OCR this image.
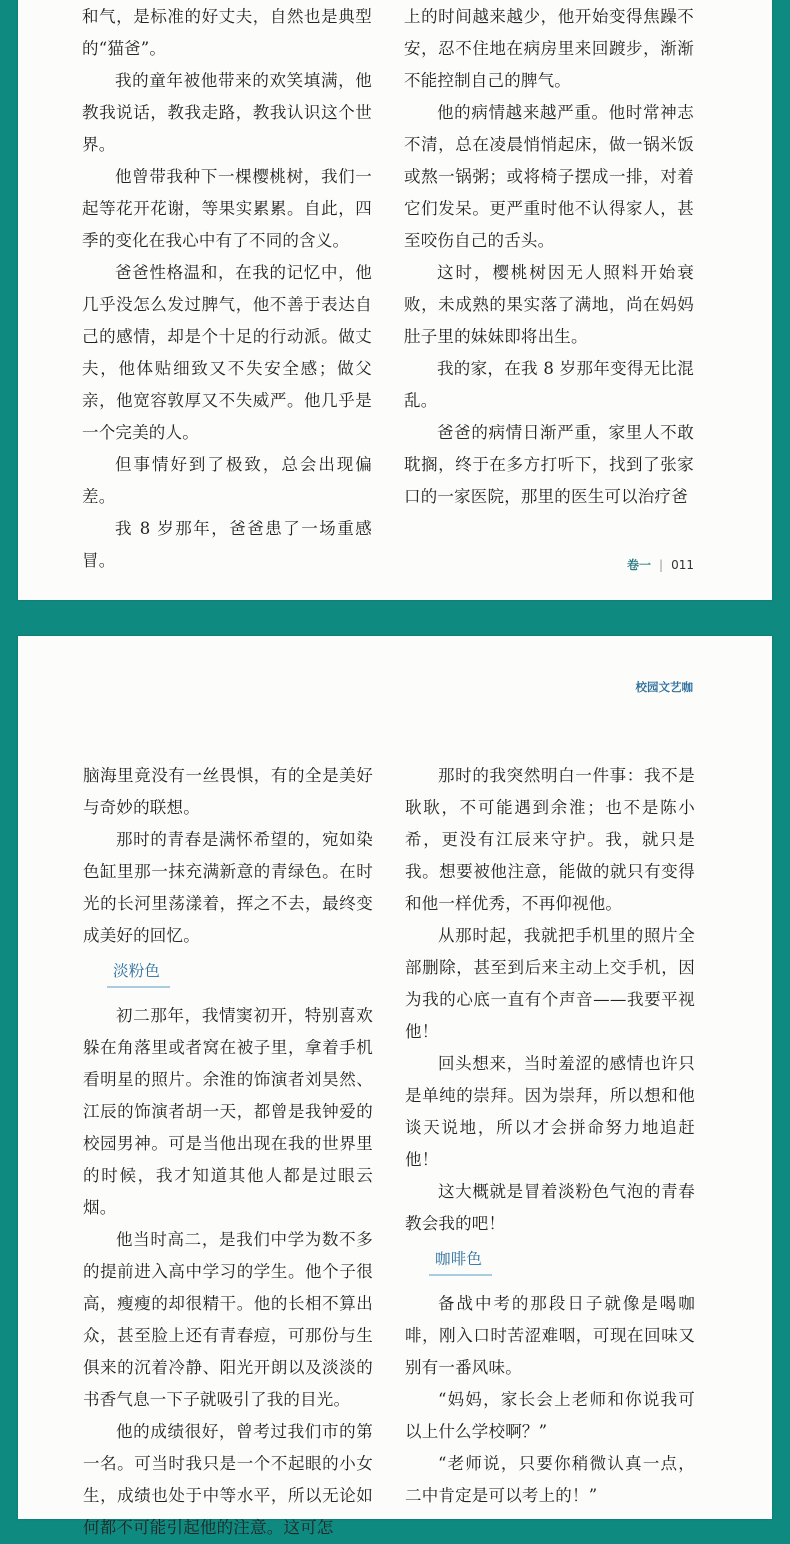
和气，是标准的好丈夫，自然也是典型的“猫爸”。

我的童年被他带来的欢笑填满，他教我说话，教我走路，教我认识这个世界。

他曾带我种下一棵樱桃树，我们一起等花开花谢，等果实累累。自此，四季的变化在我心中有了不同的含义。

爸爸性格温和，在我的记忆中，他几乎没怎么发过脾气，他不善于表达自己的感情，却是个十足的行动派。做丈夫，他体贴细致又不失安全感；做父亲，他宽容敦厚又不失威严。他几乎是一个完美的人。

但事情好到了极致，总会出现偏差。

我 8 岁那年，爸爸患了一场重感冒。

上的时间越来越少，他开始变得焦躁不安，忍不住地在病房里来回踱步，渐渐不能控制自己的脾气。

他的病情越来越严重。他时常神志不清，总在凌晨悄悄起床，做一锅米饭或熬一锅粥；或将椅子摆成一排，对着它们发呆。更严重时他不认得家人，甚至咬伤自己的舌头。

这时，樱桃树因无人照料开始衰败，未成熟的果实落了满地，尚在妈妈肚子里的妹妹即将出生。

我的家，在我 8 岁那年变得无比混乱。

爸爸的病情日渐严重，家里人不敢耽搁，终于在多方打听下，找到了张家口的一家医院，那里的医生可以治疗爸

卷一 | 011
校园文艺咖

脑海里竟没有一丝畏惧，有的全是美好与奇妙的联想。

那时的青春是满怀希望的，宛如染色缸里那一抹充满新意的青绿色。在时光的长河里荡漾着，挥之不去，最终变成美好的回忆。

淡粉色

初二那年，我情窦初开，特别喜欢躲在角落里或者窝在被子里，拿着手机看明星的照片。余淮的饰演者刘昊然、江辰的饰演者胡一天，都曾是我钟爱的校园男神。可是当他出现在我的世界里的时候，我才知道其他人都是过眼云烟。

他当时高二，是我们中学为数不多的提前进入高中学习的学生。他个子很高，瘦瘦的却很精干。他的长相不算出众，甚至脸上还有青春痘，可那份与生俱来的沉着冷静、阳光开朗以及淡淡的书香气息一下子就吸引了我的目光。

他的成绩很好，曾考过我们市的第一名。可当时我只是一个不起眼的小女生，成绩也处于中等水平，所以无论如何都不可能引起他的注意。这可怎

那时的我突然明白一件事：我不是耿耿，不可能遇到余淮；也不是陈小希，更没有江辰来守护。我，就只是我。想要被他注意，能做的就只有变得和他一样优秀，不再仰视他。

从那时起，我就把手机里的照片全部删除，甚至到后来主动上交手机，因为我的心底一直有个声音——我要平视他！

回头想来，当时羞涩的感情也许只是单纯的崇拜。因为崇拜，所以想和他谈天说地，所以才会拼命努力地追赶他！

这大概就是冒着淡粉色气泡的青春教会我的吧！

咖啡色

备战中考的那段日子就像是喝咖啡，刚入口时苦涩难咽，可现在回味又别有一番风味。

“妈妈，家长会上老师和你说我可以上什么学校啊？”

“老师说，只要你稍微认真一点，二中肯定是可以考上的！”
